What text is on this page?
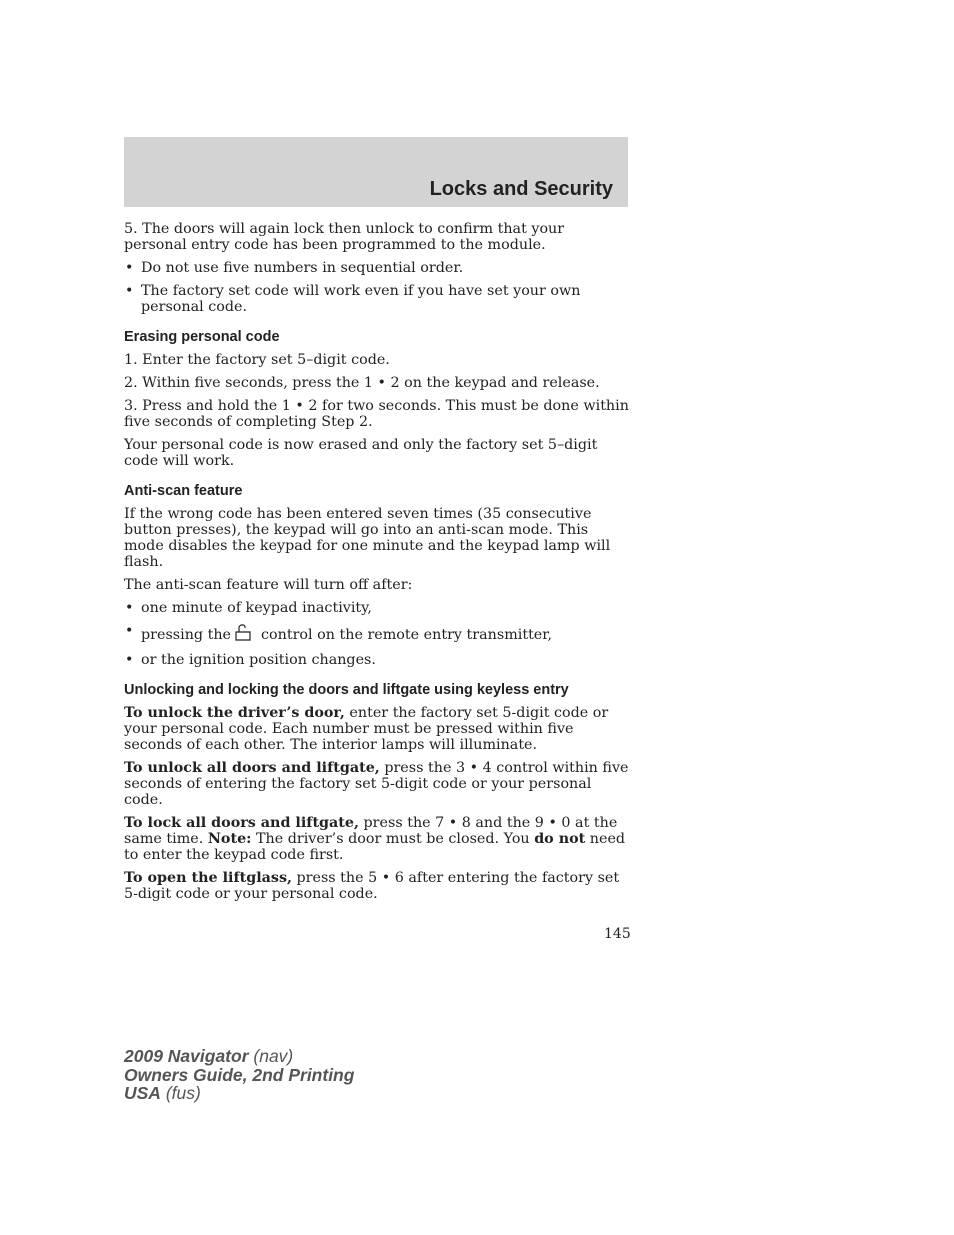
Locks and Security

5. The doors will again lock then unlock to confirm that your personal entry code has been programmed to the module.

• Do not use five numbers in sequential order.
• The factory set code will work even if you have set your own personal code.
Erasing personal code

1. Enter the factory set 5–digit code.

2. Within five seconds, press the 1 • 2 on the keypad and release.

3. Press and hold the 1 • 2 for two seconds. This must be done within five seconds of completing Step 2.

Your personal code is now erased and only the factory set 5–digit code will work.

Anti-scan feature

If the wrong code has been entered seven times (35 consecutive button presses), the keypad will go into an anti-scan mode. This mode disables the keypad for one minute and the keypad lamp will flash.

The anti-scan feature will turn off after:

• one minute of keypad inactivity,
• pressing the control on the remote entry transmitter,
• or the ignition position changes.
Unlocking and locking the doors and liftgate using keyless entry

To unlock the driver’s door, enter the factory set 5-digit code or your personal code. Each number must be pressed within five seconds of each other. The interior lamps will illuminate.

To unlock all doors and liftgate, press the 3 • 4 control within five seconds of entering the factory set 5-digit code or your personal code.

To lock all doors and liftgate, press the 7 • 8 and the 9 • 0 at the same time. Note: The driver’s door must be closed. You do not need to enter the keypad code first.

To open the liftglass, press the 5 • 6 after entering the factory set 5-digit code or your personal code.

145
2009 Navigator (nav)
Owners Guide, 2nd Printing
USA (fus)
